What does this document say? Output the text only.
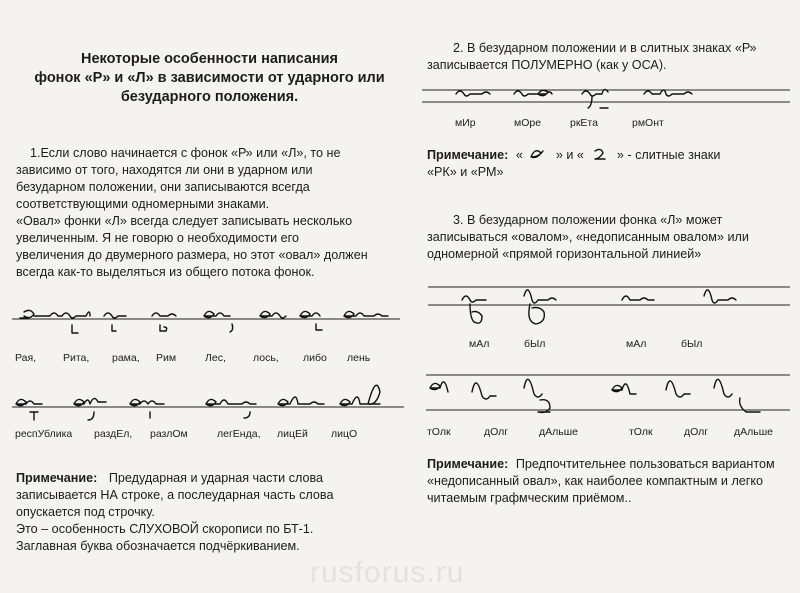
Некоторые особенности написания
фонок «Р» и «Л» в зависимости от ударного или
безударного положения.
1.Если слово начинается с фонок «Р» или «Л», то не
зависимо от того, находятся ли они в ударном или
безударном положении, они записываются всегда
соответствующими одномерными знаками.
«Овал» фонки «Л» всегда следует записывать несколько
увеличенным. Я не говорю о необходимости его
увеличения до двумерного размера, но этот «овал» должен
всегда как-то выделяться из общего потока фонок.
Рая,	Рита, рама, Рим	Лес,	лось, либо лень
респУблика раздЕл, разлОм	легЕнда, лицЕй лицО
Примечание: Предударная и ударная части слова
записывается НА строке, а послеударная часть слова
опускается под строчку.
Это – особенность СЛУХОВОЙ скорописи по БТ-1.
Заглавная буква обозначается подчёркиванием.
2. В безударном положении и в слитных знаках «Р»
записывается ПОЛУМЕРНО (как у ОСА).
мИр	мОре	ркЕта	рмОнт
Примечание: «	» и «	» - слитные знаки
«РК» и «РМ»
3. В безударном положении фонка «Л» может
записываться «овалом», «недописанным овалом» или
одномерной «прямой горизонтальной линией»
мАл	бЫл	мАл	бЫл
тОлк	дОлг	дАльше	тОлк	дОлг дАльше
Примечание: Предпочтительнее пользоваться вариантом
«недописанный овал», как наиболее компактным и легко
читаемым графмческим приёмом..
rusforus.ru
